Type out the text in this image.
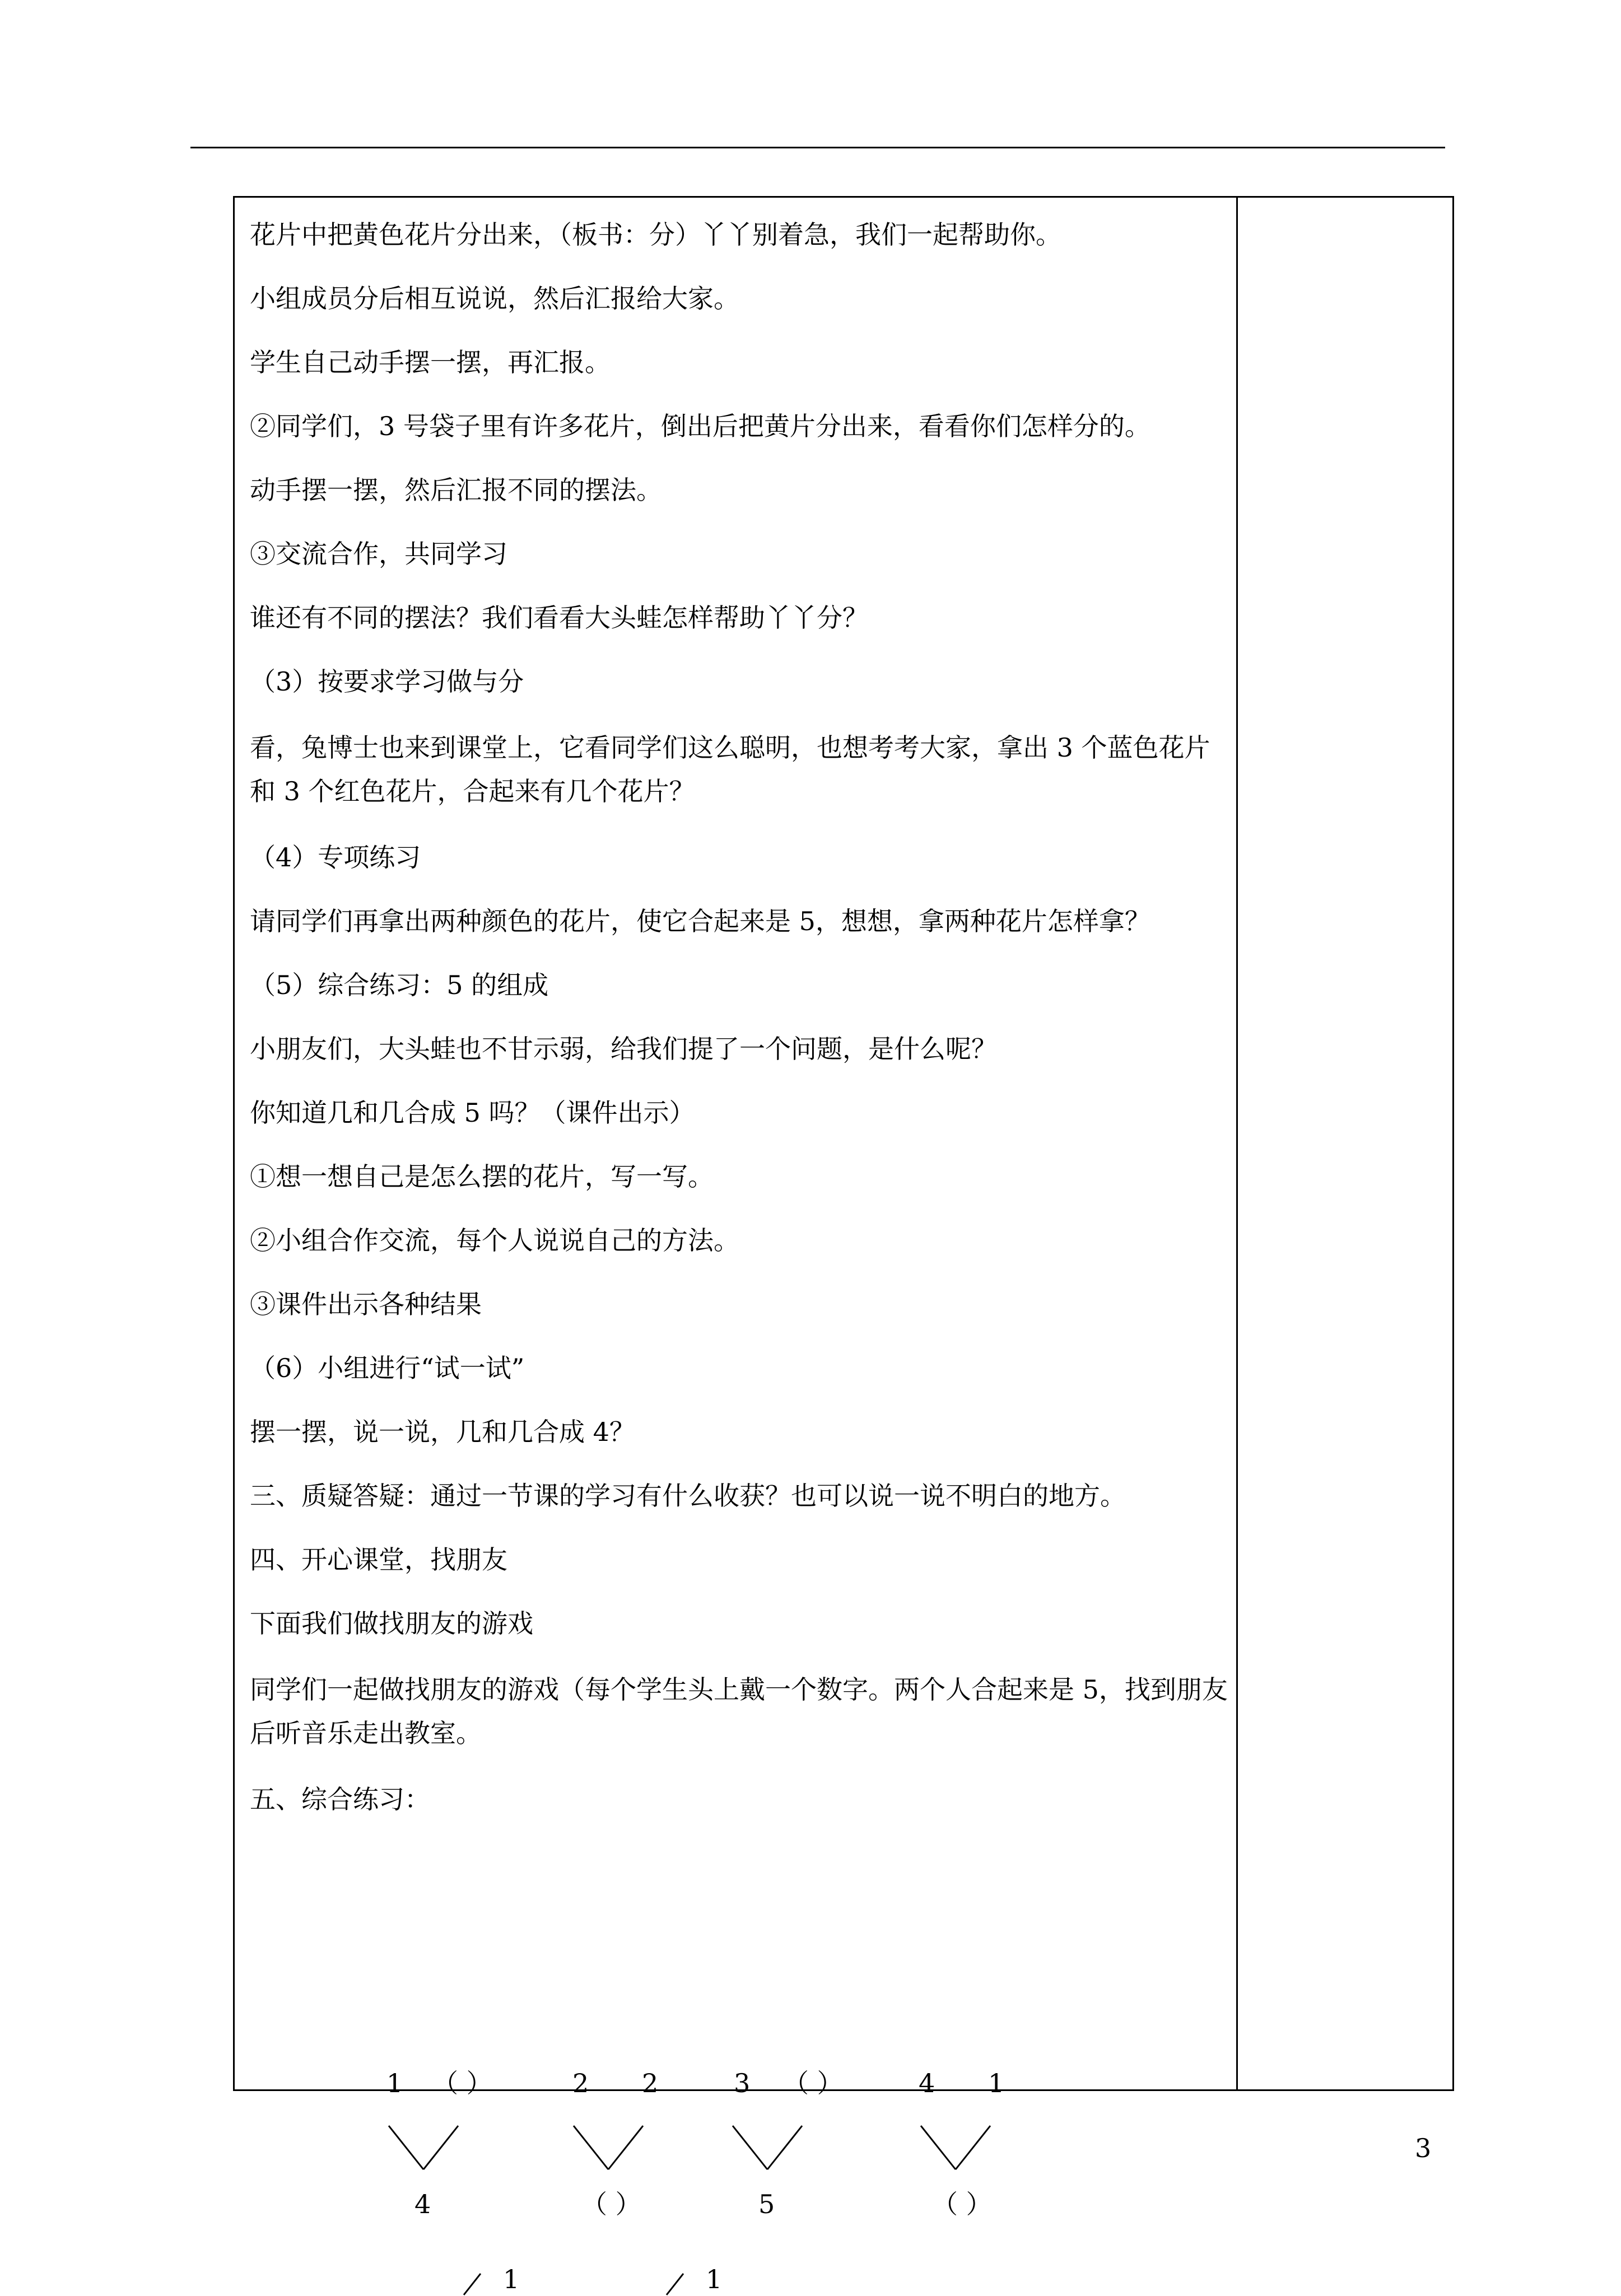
花片中把黄色花片分出来，（板书：分）丫丫别着急，我们一起帮助你。

小组成员分后相互说说，然后汇报给大家。

学生自己动手摆一摆，再汇报。

②同学们，3 号袋子里有许多花片，倒出后把黄片分出来，看看你们怎样分的。

动手摆一摆，然后汇报不同的摆法。

③交流合作，共同学习

谁还有不同的摆法？我们看看大头蛙怎样帮助丫丫分？

（3）按要求学习做与分

看，兔博士也来到课堂上，它看同学们这么聪明，也想考考大家，拿出 3 个蓝色花片和 3 个红色花片，合起来有几个花片？

（4）专项练习

请同学们再拿出两种颜色的花片，使它合起来是 5，想想，拿两种花片怎样拿？

（5）综合练习：5 的组成

小朋友们，大头蛙也不甘示弱，给我们提了一个问题，是什么呢？

你知道几和几合成 5 吗？（课件出示）

①想一想自己是怎么摆的花片，写一写。

②小组合作交流，每个人说说自己的方法。

③课件出示各种结果

（6）小组进行“试一试”

摆一摆，说一说，几和几合成 4？

三、质疑答疑：通过一节课的学习有什么收获？也可以说一说不明白的地方。

四、开心课堂，找朋友

下面我们做找朋友的游戏

同学们一起做找朋友的游戏（每个学生头上戴一个数字。两个人合起来是 5，找到朋友后听音乐走出教室。

五、综合练习：

1 （ ）	2 2	3 （ ）	4 1
4	（ ）	5	（ ）
3
1	1
